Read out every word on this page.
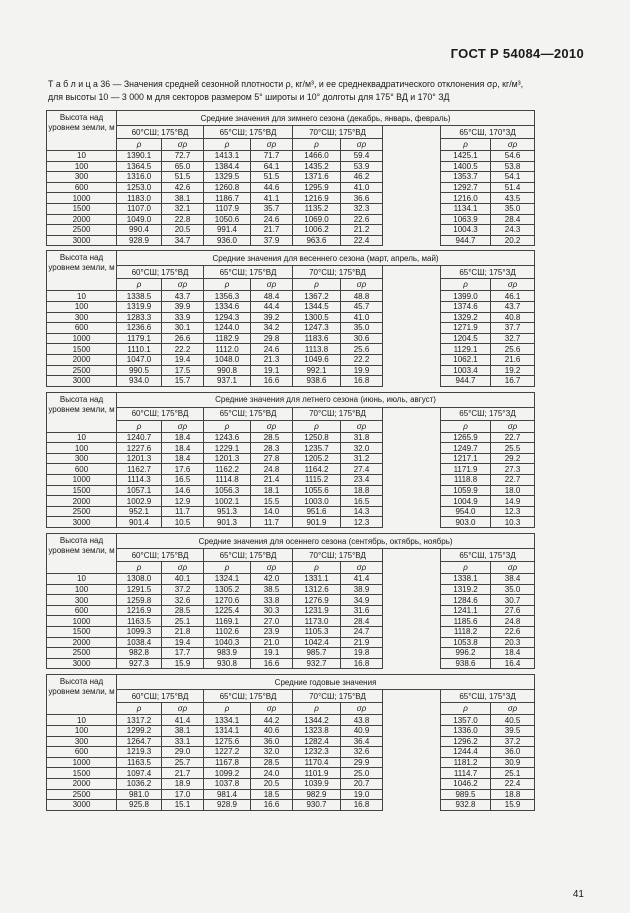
ГОСТ Р 54084—2010
Т а б л и ц а 36 — Значения средней сезонной плотности ρ, кг/м³, и ее среднеквадратического отклонения σρ, кг/м³,
для высоты 10 — 3 000 м для секторов размером 5° широты и 10° долготы для 175° ВД и 170° ЗД
Высота над уровнем земли, м	Средние значения для зимнего сезона (декабрь, январь, февраль)								
	60°СШ; 175°ВД		65°СШ; 175°ВД		70°СШ; 175°ВД			65°СШ, 170°ЗД	
	ρ	σρ	ρ	σρ	ρ	σρ		ρ	σρ
10	1390.1	72.7	1413.1	71.7	1466.0	59.4		1425.1	54.6
100	1364.5	65.0	1384.4	64.1	1435.2	53.9		1400.5	53.8
300	1316.0	51.5	1329.5	51.5	1371.6	46.2		1353.7	54.1
600	1253.0	42.6	1260.8	44.6	1295.9	41.0		1292.7	51.4
1000	1183.0	38.1	1186.7	41.1	1216.9	36.6		1216.0	43.5
1500	1107.0	32.1	1107.9	35.7	1135.2	32.3		1134.1	35.0
2000	1049.0	22.8	1050.6	24.6	1069.0	22.6		1063.9	28.4
2500	990.4	20.5	991.4	21.7	1006.2	21.2		1004.3	24.3
3000	928.9	34.7	936.0	37.9	963.6	22.4		944.7	20.2
Высота над уровнем земли, м	Средние значения для весеннего сезона (март, апрель, май)								
	60°СШ; 175°ВД		65°СШ; 175°ВД		70°СШ; 175°ВД			65°СШ; 175°ЗД	
	ρ	σρ	ρ	σρ	ρ	σρ		ρ	σρ
10	1338.5	43.7	1356.3	48.4	1367.2	48.8		1399.0	46.1
100	1319.9	39.9	1334.6	44.4	1344.5	45.7		1374.6	43.7
300	1283.3	33.9	1294.3	39.2	1300.5	41.0		1329.2	40.8
600	1236.6	30.1	1244.0	34.2	1247.3	35.0		1271.9	37.7
1000	1179.1	26.6	1182.9	29.8	1183.6	30.6		1204.5	32.7
1500	1110.1	22.2	1112.0	24.6	1113.8	25.6		1129.1	25.6
2000	1047.0	19.4	1048.0	21.3	1049.6	22.2		1062.1	21.6
2500	990.5	17.5	990.8	19.1	992.1	19.9		1003.4	19.2
3000	934.0	15.7	937.1	16.6	938.6	16.8		944.7	16.7
Высота над уровнем земли, м	Средние значения для летнего сезона (июнь, июль, август)								
	60°СШ; 175°ВД		65°СШ; 175°ВД		70°СШ; 175°ВД			65°СШ; 175°ЗД	
	ρ	σρ	ρ	σρ	ρ	σρ		ρ	σρ
10	1240.7	18.4	1243.6	28.5	1250.8	31.8		1265.9	22.7
100	1227.6	18.4	1229.1	28.3	1235.7	32.0		1249.7	25.5
300	1201.3	18.4	1201.3	27.8	1205.2	31.2		1217.1	29.2
600	1162.7	17.6	1162.2	24.8	1164.2	27.4		1171.9	27.3
1000	1114.3	16.5	1114.8	21.4	1115.2	23.4		1118.8	22.7
1500	1057.1	14.6	1056.3	18.1	1055.6	18.8		1059.9	18.0
2000	1002.9	12.9	1002.1	15.5	1003.0	16.5		1004.9	14.9
2500	952.1	11.7	951.3	14.0	951.6	14.3		954.0	12.3
3000	901.4	10.5	901.3	11.7	901.9	12.3		903.0	10.3
Высота над уровнем земли, м	Средние значения для осеннего сезона (сентябрь, октябрь, ноябрь)								
	60°СШ; 175°ВД		65°СШ; 175°ВД		70°СШ; 175°ВД			65°СШ, 175°ЗД	
	ρ	σρ	ρ	σρ	ρ	σρ		ρ	σρ
10	1308.0	40.1	1324.1	42.0	1331.1	41.4		1338.1	38.4
100	1291.5	37.2	1305.2	38.5	1312.6	38.9		1319.2	35.0
300	1259.8	32.6	1270.6	33.8	1276.9	34.9		1284.6	30.7
600	1216.9	28.5	1225.4	30.3	1231.9	31.6		1241.1	27.6
1000	1163.5	25.1	1169.1	27.0	1173.0	28.4		1185.6	24.8
1500	1099.3	21.8	1102.6	23.9	1105.3	24.7		1118.2	22.6
2000	1038.4	19.4	1040.3	21.0	1042.4	21.9		1053.8	20.3
2500	982.8	17.7	983.9	19.1	985.7	19.8		996.2	18.4
3000	927.3	15.9	930.8	16.6	932.7	16.8		938.6	16.4
Высота над уровнем земли, м	Средние годовые значения								
	60°СШ; 175°ВД		65°СШ; 175°ВД		70°СШ; 175°ВД			65°СШ, 175°ЗД	
	ρ	σρ	ρ	σρ	ρ	σρ		ρ	σρ
10	1317.2	41.4	1334.1	44.2	1344.2	43.8		1357.0	40.5
100	1299.2	38.1	1314.1	40.6	1323.8	40.9		1336.0	39.5
300	1264.7	33.1	1275.6	36.0	1282.4	36.4		1296.2	37.2
600	1219.3	29.0	1227.2	32.0	1232.3	32.6		1244.4	36.0
1000	1163.5	25.7	1167.8	28.5	1170.4	29.9		1181.2	30.9
1500	1097.4	21.7	1099.2	24.0	1101.9	25.0		1114.7	25.1
2000	1036.2	18.9	1037.8	20.5	1039.9	20.7		1046.2	22.4
2500	981.0	17.0	981.4	18.5	982.9	19.0		989.5	18.8
3000	925.8	15.1	928.9	16.6	930.7	16.8		932.8	15.9
41
